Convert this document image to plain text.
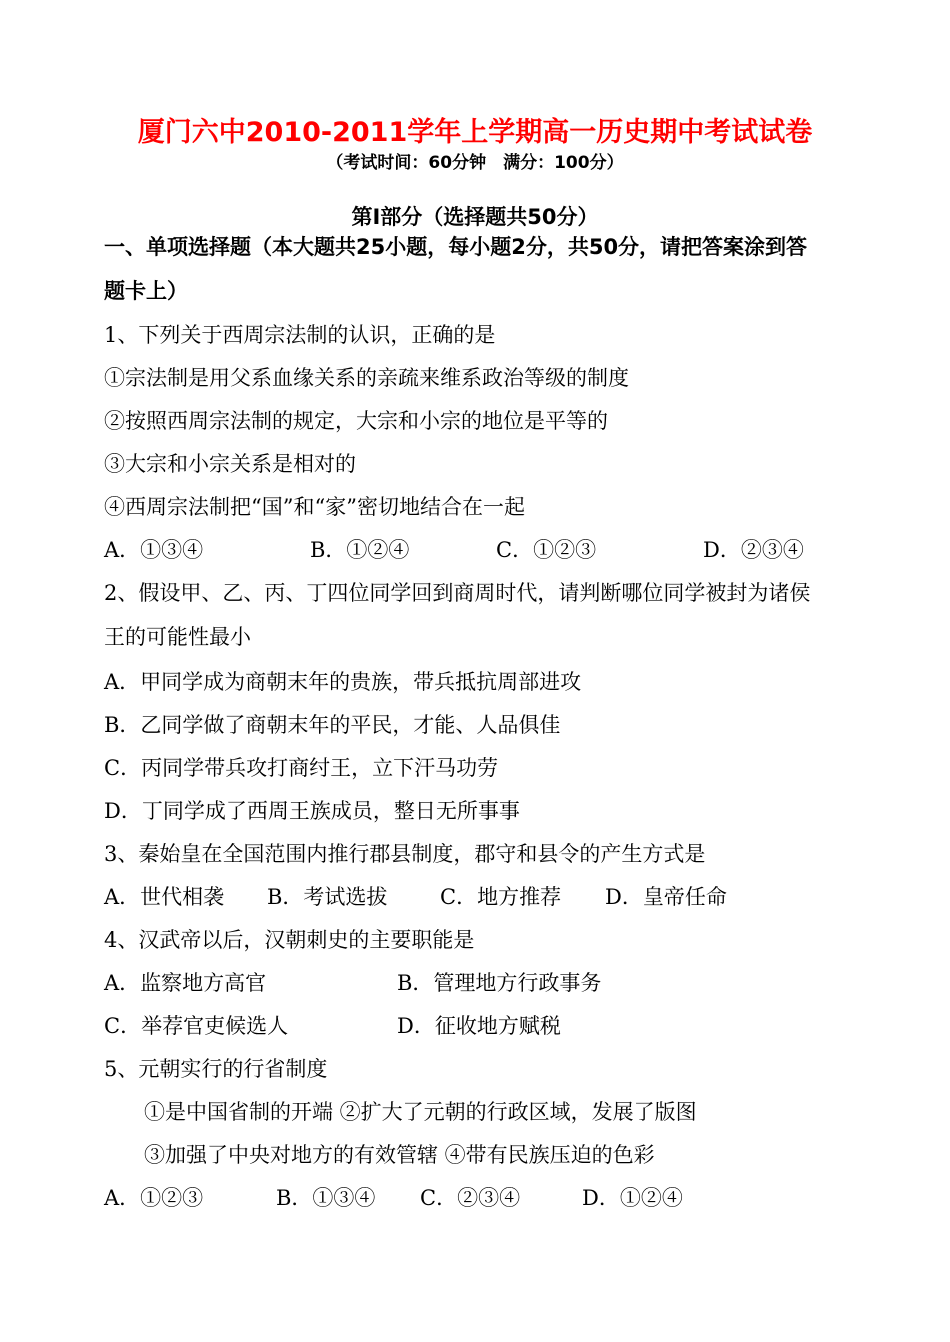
厦门六中2010-2011学年上学期高一历史期中考试试卷
（考试时间：60分钟　满分：100分）
第Ⅰ部分（选择题共50分）
一、单项选择题（本大题共25小题，每小题2分，共50分，请把答案涂到答
题卡上）
1、下列关于西周宗法制的认识，正确的是
①宗法制是用父系血缘关系的亲疏来维系政治等级的制度
②按照西周宗法制的规定，大宗和小宗的地位是平等的
③大宗和小宗关系是相对的
④西周宗法制把“国”和“家”密切地结合在一起
A．①③④	B．①②④	C．①②③	D．②③④
2、假设甲、乙、丙、丁四位同学回到商周时代，请判断哪位同学被封为诸侯
王的可能性最小
A．甲同学成为商朝末年的贵族，带兵抵抗周部进攻
B．乙同学做了商朝末年的平民，才能、人品俱佳
C．丙同学带兵攻打商纣王，立下汗马功劳
D．丁同学成了西周王族成员，整日无所事事
3、秦始皇在全国范围内推行郡县制度，郡守和县令的产生方式是
A．世代相袭 B．考试选拔	C．地方推荐 D．皇帝任命
4、汉武帝以后，汉朝刺史的主要职能是
A．监察地方高官	B．管理地方行政事务
C．举荐官吏候选人	D．征收地方赋税
5、元朝实行的行省制度
①是中国省制的开端 ②扩大了元朝的行政区域，发展了版图
③加强了中央对地方的有效管辖 ④带有民族压迫的色彩
A．①②③	B．①③④ C．②③④	D．①②④
